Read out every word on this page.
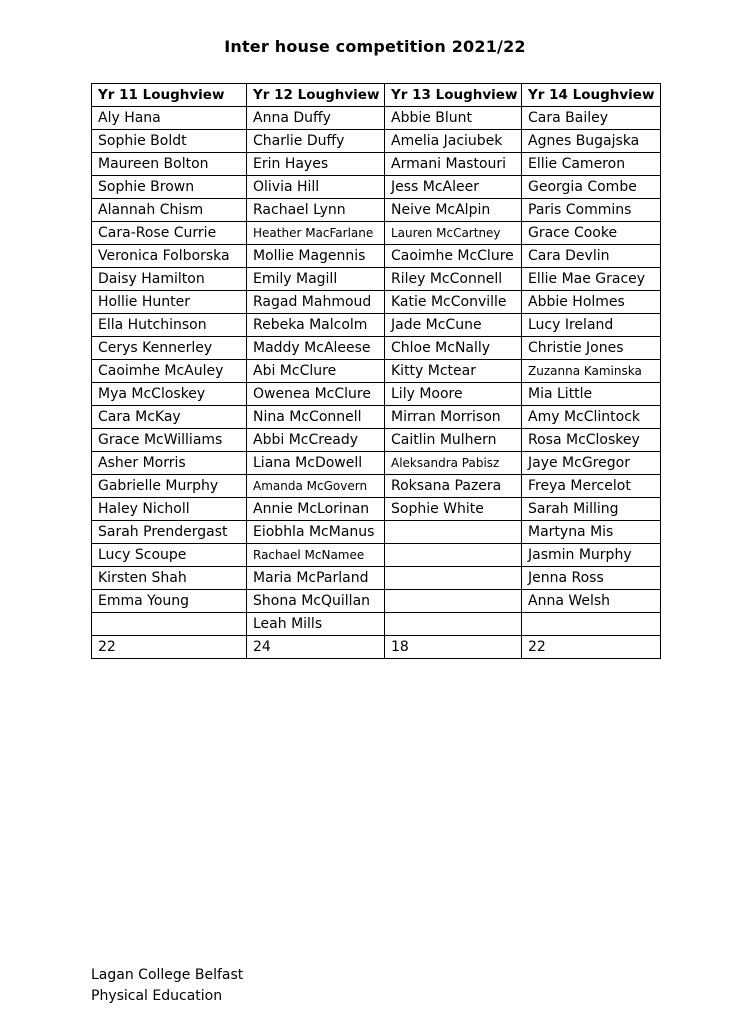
Inter house competition 2021/22
Yr 11 Loughview	Yr 12 Loughview	Yr 13 Loughview	Yr 14 Loughview
Aly Hana	Anna Duffy	Abbie Blunt	Cara Bailey
Sophie Boldt	Charlie Duffy	Amelia Jaciubek	Agnes Bugajska
Maureen Bolton	Erin Hayes	Armani Mastouri	Ellie Cameron
Sophie Brown	Olivia Hill	Jess McAleer	Georgia Combe
Alannah Chism	Rachael Lynn	Neive McAlpin	Paris Commins
Cara-Rose Currie	Heather MacFarlane	Lauren McCartney	Grace Cooke
Veronica Folborska	Mollie Magennis	Caoimhe McClure	Cara Devlin
Daisy Hamilton	Emily Magill	Riley McConnell	Ellie Mae Gracey
Hollie Hunter	Ragad Mahmoud	Katie McConville	Abbie Holmes
Ella Hutchinson	Rebeka Malcolm	Jade McCune	Lucy Ireland
Cerys Kennerley	Maddy McAleese	Chloe McNally	Christie Jones
Caoimhe McAuley	Abi McClure	Kitty Mctear	Zuzanna Kaminska
Mya McCloskey	Owenea McClure	Lily Moore	Mia Little
Cara McKay	Nina McConnell	Mirran Morrison	Amy McClintock
Grace McWilliams	Abbi McCready	Caitlin Mulhern	Rosa McCloskey
Asher Morris	Liana McDowell	Aleksandra Pabisz	Jaye McGregor
Gabrielle Murphy	Amanda McGovern	Roksana Pazera	Freya Mercelot
Haley Nicholl	Annie McLorinan	Sophie White	Sarah Milling
Sarah Prendergast	Eiobhla McManus		Martyna Mis
Lucy Scoupe	Rachael McNamee		Jasmin Murphy
Kirsten Shah	Maria McParland		Jenna Ross
Emma Young	Shona McQuillan		Anna Welsh
	Leah Mills		
22	24	18	22
Lagan College Belfast
Physical Education
